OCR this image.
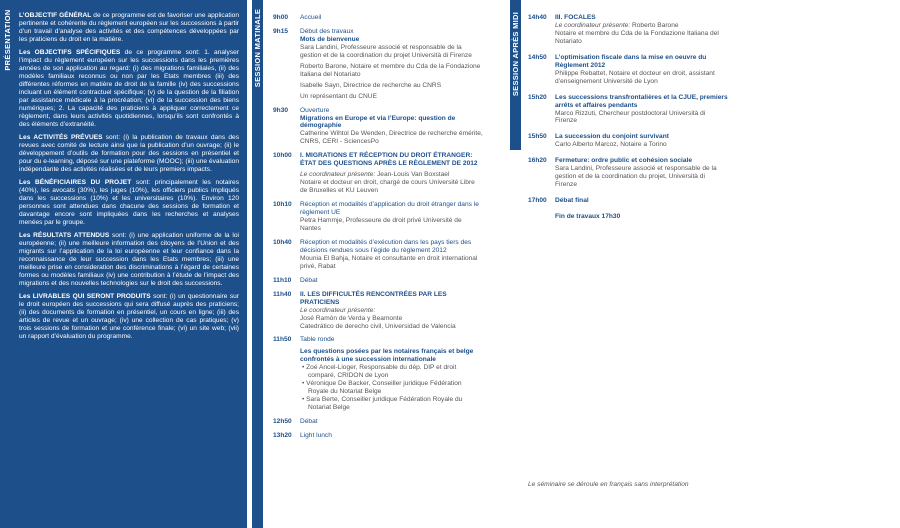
PRÉSENTATION	L’OBJECTIF GÉNÉRAL de ce programme est de favoriser une application pertinente et cohérente du règlement européen sur les successions à partir d’un travail d’analyse des activités et des compétences développées par les praticiens du droit en la matière.

Les OBJECTIFS SPÉCIFIQUES de ce programme sont: 1. analyser l’impact du règlement européen sur les successions dans les premières années de son application au regard: (i) des migrations familiales, (ii) des modèles familiaux reconnus ou non par les Etats membres (iii) des différentes réformes en matière de droit de la famille (iv) des successions incluant un élément contractuel spécifique; (v) de la question de la filiation par assistance médicale à la procréation; (vi) de la succession des biens numériques; 2. La capacité des praticiens à appliquer correctement ce règlement, dans leurs activités quotidiennes, lorsqu’ils sont confrontés à des éléments d’extranéité.

Les ACTIVITÉS PRÉVUES sont: (i) la publication de travaux dans des revues avec comité de lecture ainsi que la publication d’un ouvrage; (ii) le développement d’outils de formation pour des sessions en présentiel et pour du e-learning, déposé sur une plateforme (MOOC); (iii) une évaluation indépendante des activités réalisées et de leurs premiers impacts.

Les BÉNÉFICIAIRES DU PROJET sont: principalement les notaires (40%), les avocats (30%), les juges (10%), les officiers publics impliqués dans les successions (10%) et les universitaires (10%). Environ 120 personnes sont attendues dans chacune des sessions de formation et davantage encore sont impliquées dans les recherches et analyses menées par le groupe.

Les RÉSULTATS ATTENDUS sont: (i) une application uniforme de la loi européenne; (ii) une meilleure information des citoyens de l’Union et des migrants sur l’application de la loi européenne et leur confiance dans la reconnaissance de leur succession dans les Etats membres; (iii) une meilleure prise en consideration des discriminations à l’égard de certaines formes ou modèles familiaux (iv) une contribution à l’étude de l’impact des migrations et des nouvelles technologies sur le droit des successions.

Les LIVRABLES QUI SERONT PRODUITS sont: (i) un questionnaire sur le droit européen des successions qui sera diffusé auprès des praticiens; (ii) des documents de formation en présentiel, un cours en ligne; (iii) des articles de revue et un ouvrage; (iv) une collection de cas pratiques; (v) trois sessions de formation et une conférence finale; (vi) un site web; (vii) un rapport d’évaluation du programme.

SESSION MATINALE	SESSION APRÈS MIDI
9h00 Accueil
9h15 Début des travaux
Mots de bienvenue
Sara Landini, Professeure associé et responsable de la gestion et de la coordination du projet Università di Firenze
Roberto Barone, Notaire et membre du Cda de la Fondazione Italiana del Notariato
Isabelle Sayn, Directrice de recherche au CNRS
Un représentant du CNUE
9h30 Ouverture
Migrations en Europe et via l’Europe: question de démographie
Catherine Wihtol De Wenden, Directrice de recherche émérite, CNRS, CERI - SciencesPo
10h00 I. MIGRATIONS ET RÉCEPTION DU DROIT ÉTRANGER: ÉTAT DES QUESTIONS APRÈS LE RÈGLEMENT DE 2012
Le coordinateur présente: Jean-Louis Van Boxstael
Notaire et docteur en droit, chargé de cours Université Libre de Bruxelles et KU Leuven
10h10 Réception et modalités d’application du droit étranger dans le règlement UE
Petra Hammje, Professeure de droit privé Université de Nantes
10h40 Réception et modalités d’exécution dans les pays tiers des décisions rendues sous l’égide du règlement 2012
Mounia El Bahja, Notaire et consultante en droit international privé, Rabat
11h10 Débat
11h40 II. LES DIFFICULTÉS RENCONTRÉES PAR LES PRATICIENS
Le coordinateur présente:
José Ramón de Verda y Beamonte
Catedrático de derecho civil, Universidad de Valencia
11h50 Table ronde
Les questions posées par les notaires français et belge confrontés à une succession internationale
• Zoé Ancel-Lioger, Responsable du dép. DIP et droit comparé, CRIDON de Lyon
• Véronique De Backer, Conseiller juridique Fédération Royale du Notariat Belge
• Sara Berte, Conseiller juridique Fédération Royale du Notariat Belge
12h50 Débat
13h20 Light lunch
14h40 III. FOCALES
Le coordinateur présente: Roberto Barone
Notaire et membre du Cda de la Fondazione Italiana del Notariato
14h50 L’optimisation fiscale dans la mise en oeuvre du Règlement 2012
Philippe Rebattet, Notaire et docteur en droit, assistant d’enseignement Université de Lyon
15h20 Les successions transfrontalières et la CJUE, premiers arrêts et affaires pendants
Marco Rizzuti, Chercheur postdoctoral Università di Firenze
15h50 La succession du conjoint survivant
Carlo Alberto Marcoz, Notaire a Torino
16h20 Fermeture: ordre public et cohésion sociale
Sara Landini, Professeure associé et responsable de la gestion et de la coordination du projet, Università di Firenze
17h00 Débat final
Fin de travaux 17h30
Le séminaire se déroule en français sans interprétation
